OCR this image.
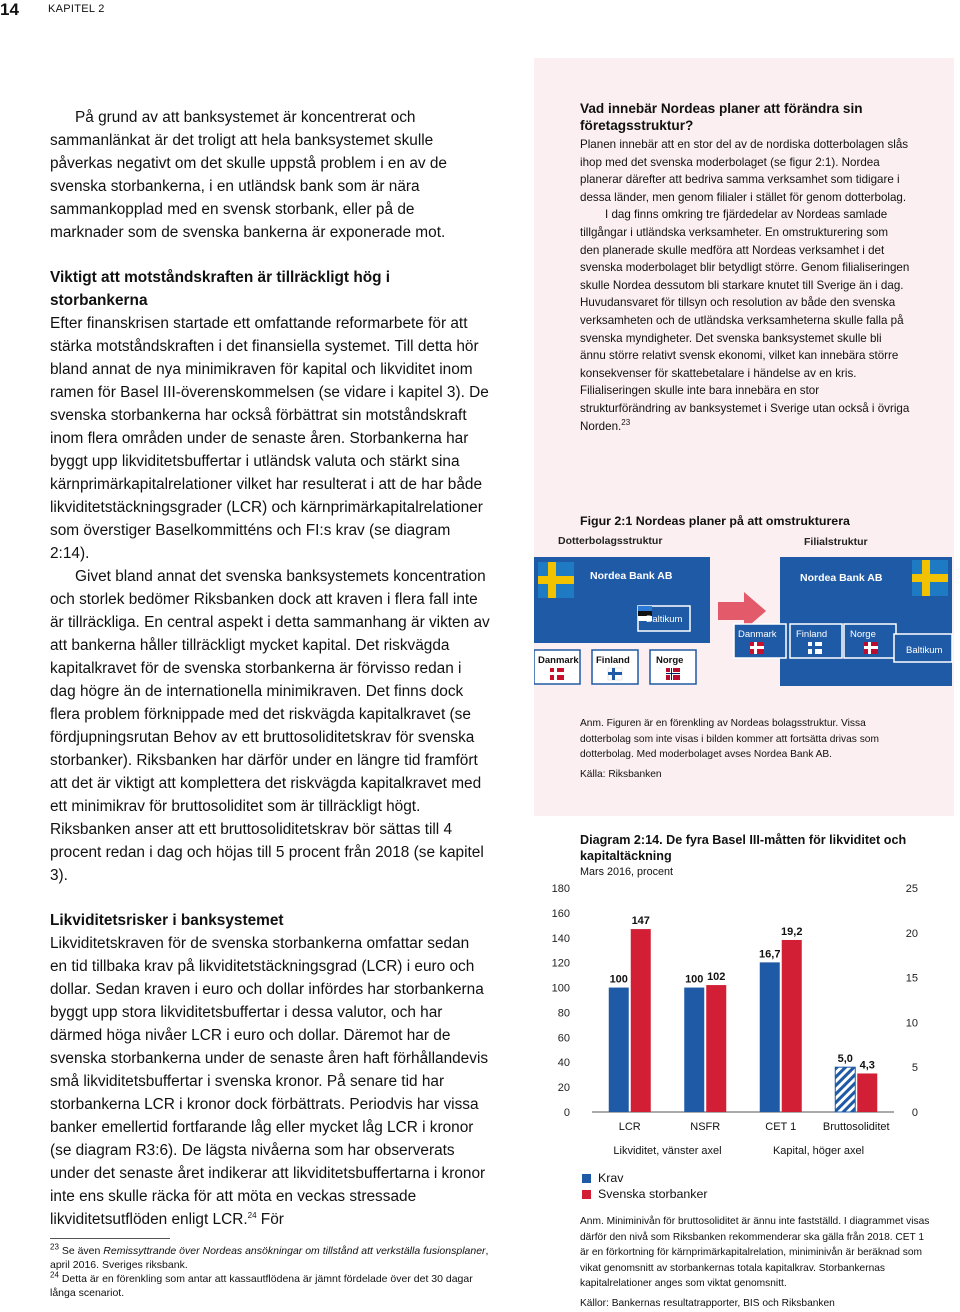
14	KAPITEL 2

På grund av att banksystemet är koncentrerat och sammanlänkat är det troligt att hela banksystemet skulle påverkas negativt om det skulle uppstå problem i en av de svenska storbankerna, i en utländsk bank som är nära sammankopplad med en svensk storbank, eller på de marknader som de svenska bankerna är exponerade mot.

Viktigt att motståndskraften är tillräckligt hög i storbankerna

Efter finanskrisen startade ett omfattande reformarbete för att stärka motståndskraften i det finansiella systemet. Till detta hör bland annat de nya minimikraven för kapital och likviditet inom ramen för Basel III-överenskommelsen (se vidare i kapitel 3). De svenska storbankerna har också förbättrat sin motståndskraft inom flera områden under de senaste åren. Storbankerna har byggt upp likviditetsbuffertar i utländsk valuta och stärkt sina kärnprimärkapitalrelationer vilket har resulterat i att de har både likviditetstäckningsgrader (LCR) och kärnprimärkapitalrelationer som överstiger Baselkommitténs och FI:s krav (se diagram 2:14).

Givet bland annat det svenska banksystemets koncentration och storlek bedömer Riksbanken dock att kraven i flera fall inte är tillräckliga. En central aspekt i detta sammanhang är vikten av att bankerna håller tillräckligt mycket kapital. Det riskvägda kapitalkravet för de svenska storbankerna är förvisso redan i dag högre än de internationella minimikraven. Det finns dock flera problem förknippade med det riskvägda kapitalkravet (se fördjupningsrutan Behov av ett bruttosoliditetskrav för svenska storbanker). Riksbanken har därför under en längre tid framfört att det är viktigt att komplettera det riskvägda kapitalkravet med ett minimikrav för bruttosoliditet som är tillräckligt högt. Riksbanken anser att ett bruttosoliditetskrav bör sättas till 4 procent redan i dag och höjas till 5 procent från 2018 (se kapitel 3).

Likviditetsrisker i banksystemet

Likviditetskraven för de svenska storbankerna omfattar sedan en tid tillbaka krav på likviditetstäckningsgrad (LCR) i euro och dollar. Sedan kraven i euro och dollar infördes har storbankerna byggt upp stora likviditetsbuffertar i dessa valutor, och har därmed höga nivåer LCR i euro och dollar. Däremot har de svenska storbankerna under de senaste åren haft förhållandevis små likviditetsbuffertar i svenska kronor. På senare tid har storbankerna LCR i kronor dock förbättrats. Periodvis har vissa banker emellertid fortfarande låg eller mycket låg LCR i kronor (se diagram R3:6). De lägsta nivåerna som har observerats under det senaste året indikerar att likviditetsbuffertarna i kronor inte ens skulle räcka för att möta en veckas stressade likviditetsutflöden enligt LCR.$^{24}$ För

$^{23}$ Se även Remissyttrande över Nordeas ansökningar om tillstånd att verkställa fusionsplaner, april 2016. Sveriges riksbank.

$^{24}$ Detta är en förenkling som antar att kassautflödena är jämnt fördelade över det 30 dagar långa scenariot.

Vad innebär Nordeas planer att förändra sin företagsstruktur?

Planen innebär att en stor del av de nordiska dotterbolagen slås ihop med det svenska moderbolaget (se figur 2:1). Nordea planerar därefter att bedriva samma verksamhet som tidigare i dessa länder, men genom filialer i stället för genom dotterbolag.

I dag finns omkring tre fjärdedelar av Nordeas samlade tillgångar i utländska verksamheter. En omstrukturering som den planerade skulle medföra att Nordeas verksamhet i det svenska moderbolaget blir betydligt större. Genom filialiseringen skulle Nordea dessutom bli starkare knutet till Sverige än i dag. Huvudansvaret för tillsyn och resolution av både den svenska verksamheten och de utländska verksamheterna skulle falla på svenska myndigheter. Det svenska banksystemet skulle bli ännu större relativt svensk ekonomi, vilket kan innebära större konsekvenser för skattebetalare i händelse av en kris. Filialiseringen skulle inte bara innebära en stor strukturförändring av banksystemet i Sverige utan också i övriga Norden.$^{23}$

Figur 2:1 Nordeas planer på att omstrukturera
Dotterbolagsstruktur	Filialstruktur
Nordea Bank AB
Baltikum
Danmark Finland	Norge
Nordea Bank AB
Danmark Finland Norge
Baltikum

Anm. Figuren är en förenkling av Nordeas bolagsstruktur. Vissa dotterbolag som inte visas i bilden kommer att fortsätta drivas som dotterbolag. Med moderbolaget avses Nordea Bank AB.

Källa: Riksbanken

Diagram 2:14. De fyra Basel III-måtten för likviditet och kapitaltäckning
Mars 2016, procent
0
20
40
60
80
100
120
140
160
180
0
5
10
15
20
25
100
147
LCR
100 102
NSFR
16,7
19,2
CET 1
5,0
4,3
Bruttosoliditet
Likviditet, vänster axel	Kapital, höger axel
Krav
Svenska storbanker

Anm. Miniminivån för bruttosoliditet är ännu inte fastställd. I diagrammet visas därför den nivå som Riksbanken rekommenderar ska gälla från 2018. CET 1 är en förkortning för kärnprimärkapitalrelation, miniminivån är beräknad som vikat genomsnitt av storbankernas totala kapitalkrav. Storbankernas kapitalrelationer anges som viktat genomsnitt.

Källor: Bankernas resultatrapporter, BIS och Riksbanken
